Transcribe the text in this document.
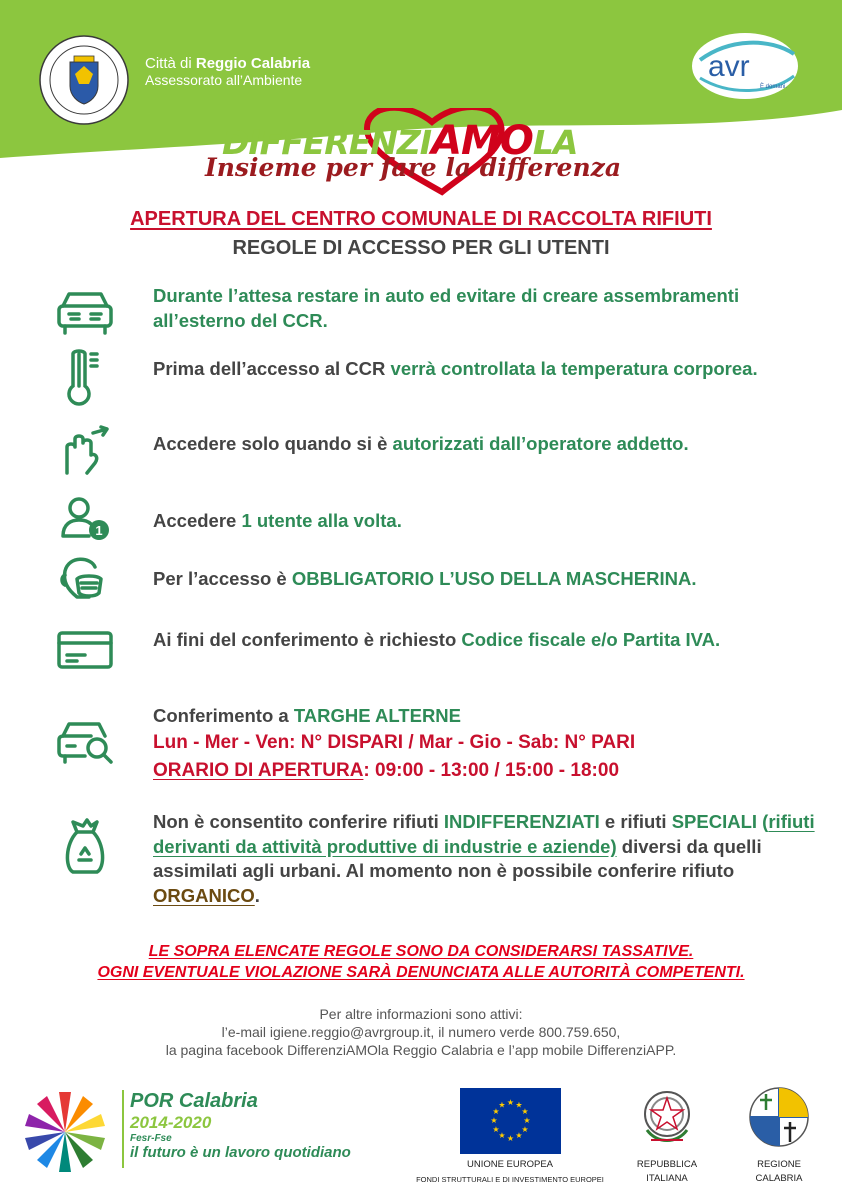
Città di Reggio Calabria
Assessorato all’Ambiente	avr
È domani.
DIFFERENZIAMOLA
Insieme per fare la differenza
APERTURA DEL CENTRO COMUNALE DI RACCOLTA RIFIUTI
REGOLE DI ACCESSO PER GLI UTENTI
Durante l’attesa restare in auto ed evitare di creare assembramenti all’esterno del CCR.
Prima dell’accesso al CCR verrà controllata la temperatura corporea.
Accedere solo quando si è autorizzati dall’operatore addetto.
1	Accedere 1 utente alla volta.
Per l’accesso è OBBLIGATORIO L’USO DELLA MASCHERINA.
Ai fini del conferimento è richiesto Codice fiscale e/o Partita IVA.
Conferimento a TARGHE ALTERNE
Lun - Mer - Ven: N° DISPARI / Mar - Gio - Sab: N° PARI
ORARIO DI APERTURA: 09:00 - 13:00 / 15:00 - 18:00
Non è consentito conferire rifiuti INDIFFERENZIATI e rifiuti SPECIALI (rifiuti derivanti da attività produttive di industrie e aziende) diversi da quelli assimilati agli urbani. Al momento non è possibile conferire rifiuto ORGANICO.
LE SOPRA ELENCATE REGOLE SONO DA CONSIDERARSI TASSATIVE.
OGNI EVENTUALE VIOLAZIONE SARÀ DENUNCIATA ALLE AUTORITÀ COMPETENTI.
Per altre informazioni sono attivi:
l’e-mail igiene.reggio@avrgroup.it, il numero verde 800.759.650,
la pagina facebook DifferenziAMOla Reggio Calabria e l’app mobile DifferenziAPP.
POR Calabria
2014-2020
Fesr-Fse
il futuro è un lavoro quotidiano
★ ★
★
★
★
★
★
★
★
★
★
★
UNIONE EUROPEA
FONDI STRUTTURALI E DI INVESTIMENTO EUROPEI
REPUBBLICA
ITALIANA
REGIONE
CALABRIA
